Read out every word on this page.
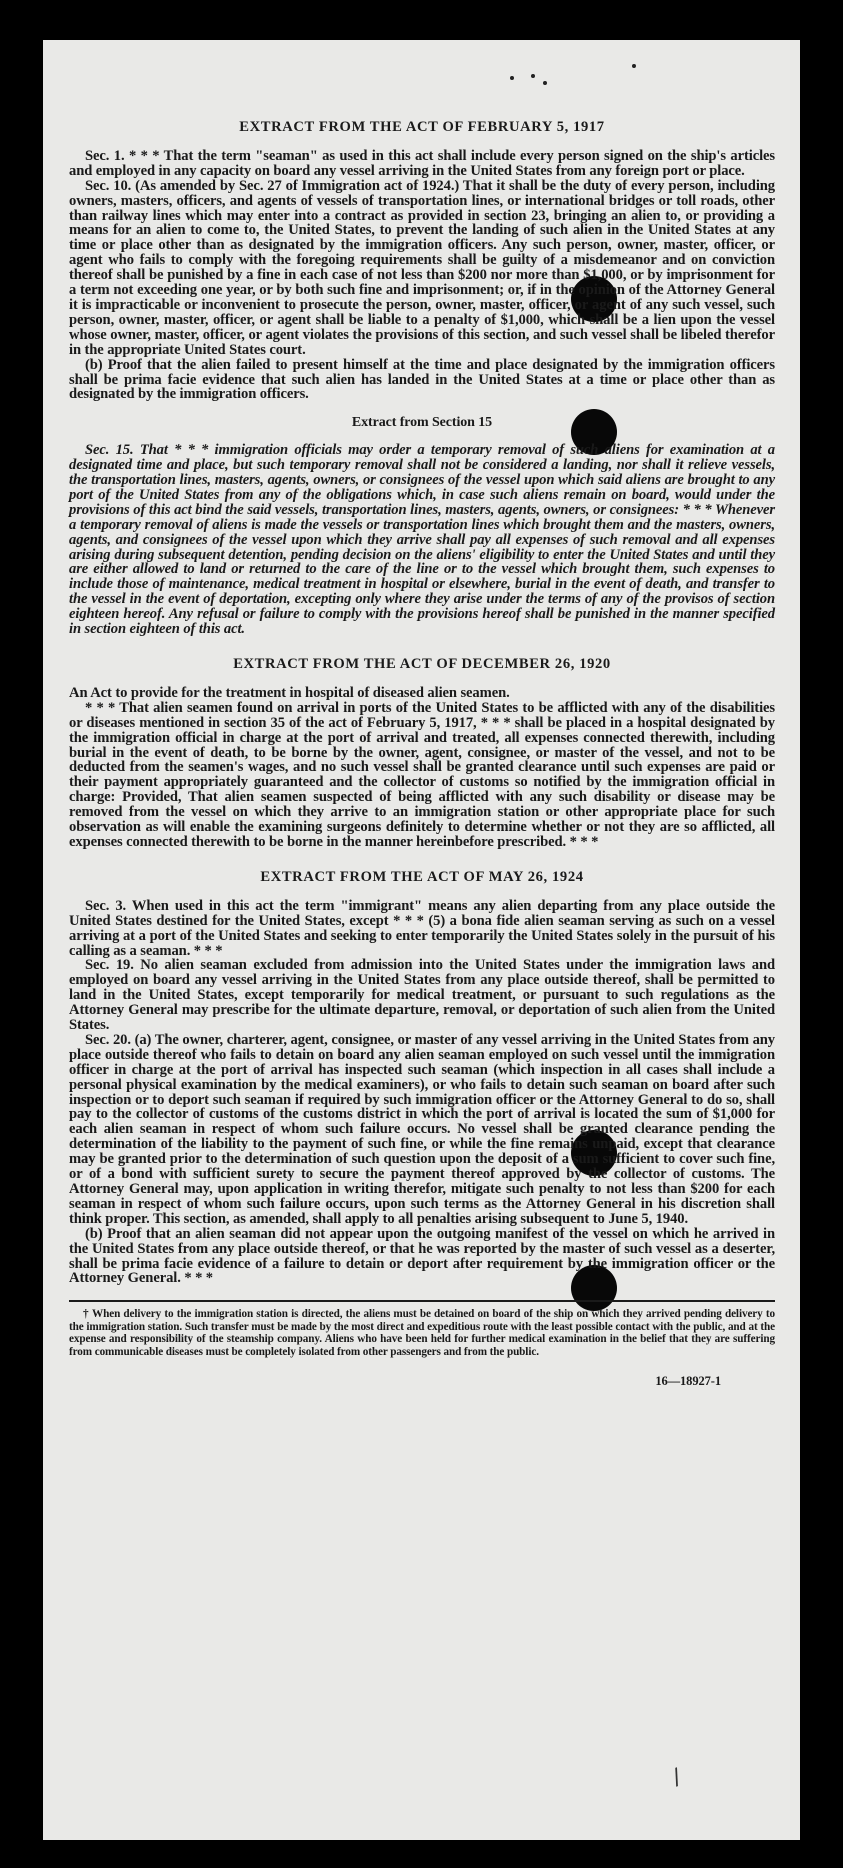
EXTRACT FROM THE ACT OF FEBRUARY 5, 1917

Sec. 1. * * * That the term "seaman" as used in this act shall include every person signed on the ship's articles and employed in any capacity on board any vessel arriving in the United States from any foreign port or place.

Sec. 10. (As amended by Sec. 27 of Immigration act of 1924.) That it shall be the duty of every person, including owners, masters, officers, and agents of vessels of transportation lines, or international bridges or toll roads, other than railway lines which may enter into a contract as provided in section 23, bringing an alien to, or providing a means for an alien to come to, the United States, to prevent the landing of such alien in the United States at any time or place other than as designated by the immigration officers. Any such person, owner, master, officer, or agent who fails to comply with the foregoing requirements shall be guilty of a misdemeanor and on conviction thereof shall be punished by a fine in each case of not less than $200 nor more than $1,000, or by imprisonment for a term not exceeding one year, or by both such fine and imprisonment; or, if in the opinion of the Attorney General it is impracticable or inconvenient to prosecute the person, owner, master, officer, or agent of any such vessel, such person, owner, master, officer, or agent shall be liable to a penalty of $1,000, which shall be a lien upon the vessel whose owner, master, officer, or agent violates the provisions of this section, and such vessel shall be libeled therefor in the appropriate United States court.

(b) Proof that the alien failed to present himself at the time and place designated by the immigration officers shall be prima facie evidence that such alien has landed in the United States at a time or place other than as designated by the immigration officers.

Extract from Section 15

Sec. 15. That * * * immigration officials may order a temporary removal of such aliens for examination at a designated time and place, but such temporary removal shall not be considered a landing, nor shall it relieve vessels, the transportation lines, masters, agents, owners, or consignees of the vessel upon which said aliens are brought to any port of the United States from any of the obligations which, in case such aliens remain on board, would under the provisions of this act bind the said vessels, transportation lines, masters, agents, owners, or consignees: * * * Whenever a temporary removal of aliens is made the vessels or transportation lines which brought them and the masters, owners, agents, and consignees of the vessel upon which they arrive shall pay all expenses of such removal and all expenses arising during subsequent detention, pending decision on the aliens' eligibility to enter the United States and until they are either allowed to land or returned to the care of the line or to the vessel which brought them, such expenses to include those of maintenance, medical treatment in hospital or elsewhere, burial in the event of death, and transfer to the vessel in the event of deportation, excepting only where they arise under the terms of any of the provisos of section eighteen hereof. Any refusal or failure to comply with the provisions hereof shall be punished in the manner specified in section eighteen of this act.

EXTRACT FROM THE ACT OF DECEMBER 26, 1920

An Act to provide for the treatment in hospital of diseased alien seamen.

* * * That alien seamen found on arrival in ports of the United States to be afflicted with any of the disabilities or diseases mentioned in section 35 of the act of February 5, 1917, * * * shall be placed in a hospital designated by the immigration official in charge at the port of arrival and treated, all expenses connected therewith, including burial in the event of death, to be borne by the owner, agent, consignee, or master of the vessel, and not to be deducted from the seamen's wages, and no such vessel shall be granted clearance until such expenses are paid or their payment appropriately guaranteed and the collector of customs so notified by the immigration official in charge: Provided, That alien seamen suspected of being afflicted with any such disability or disease may be removed from the vessel on which they arrive to an immigration station or other appropriate place for such observation as will enable the examining surgeons definitely to determine whether or not they are so afflicted, all expenses connected therewith to be borne in the manner hereinbefore prescribed. * * *

EXTRACT FROM THE ACT OF MAY 26, 1924

Sec. 3. When used in this act the term "immigrant" means any alien departing from any place outside the United States destined for the United States, except * * * (5) a bona fide alien seaman serving as such on a vessel arriving at a port of the United States and seeking to enter temporarily the United States solely in the pursuit of his calling as a seaman. * * *

Sec. 19. No alien seaman excluded from admission into the United States under the immigration laws and employed on board any vessel arriving in the United States from any place outside thereof, shall be permitted to land in the United States, except temporarily for medical treatment, or pursuant to such regulations as the Attorney General may prescribe for the ultimate departure, removal, or deportation of such alien from the United States.

Sec. 20. (a) The owner, charterer, agent, consignee, or master of any vessel arriving in the United States from any place outside thereof who fails to detain on board any alien seaman employed on such vessel until the immigration officer in charge at the port of arrival has inspected such seaman (which inspection in all cases shall include a personal physical examination by the medical examiners), or who fails to detain such seaman on board after such inspection or to deport such seaman if required by such immigration officer or the Attorney General to do so, shall pay to the collector of customs of the customs district in which the port of arrival is located the sum of $1,000 for each alien seaman in respect of whom such failure occurs. No vessel shall be granted clearance pending the determination of the liability to the payment of such fine, or while the fine remains unpaid, except that clearance may be granted prior to the determination of such question upon the deposit of a sum sufficient to cover such fine, or of a bond with sufficient surety to secure the payment thereof approved by the collector of customs. The Attorney General may, upon application in writing therefor, mitigate such penalty to not less than $200 for each seaman in respect of whom such failure occurs, upon such terms as the Attorney General in his discretion shall think proper. This section, as amended, shall apply to all penalties arising subsequent to June 5, 1940.

(b) Proof that an alien seaman did not appear upon the outgoing manifest of the vessel on which he arrived in the United States from any place outside thereof, or that he was reported by the master of such vessel as a deserter, shall be prima facie evidence of a failure to detain or deport after requirement by the immigration officer or the Attorney General. * * *

† When delivery to the immigration station is directed, the aliens must be detained on board of the ship on which they arrived pending delivery to the immigration station. Such transfer must be made by the most direct and expeditious route with the least possible contact with the public, and at the expense and responsibility of the steamship company. Aliens who have been held for further medical examination in the belief that they are suffering from communicable diseases must be completely isolated from other passengers and from the public.

16—18927-1
/
